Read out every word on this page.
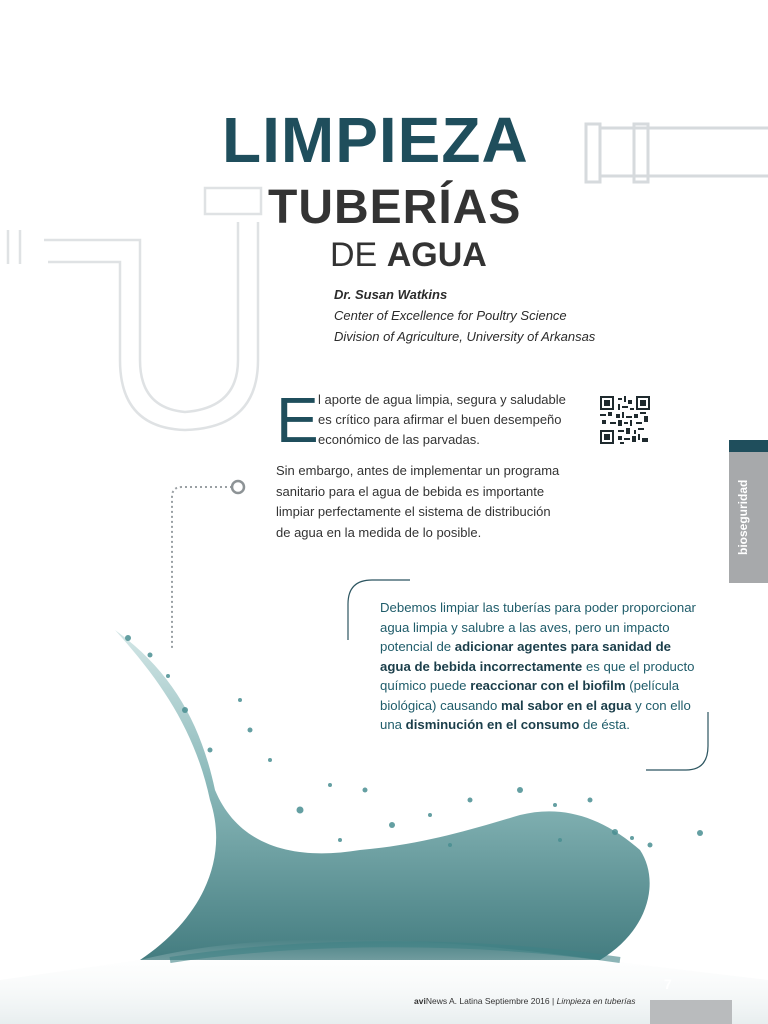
LIMPIEZA
TUBERÍAS
DE AGUA
Dr. Susan Watkins
Center of Excellence for Poultry Science
Division of Agriculture, University of Arkansas
E l aporte de agua limpia, segura y saludable es crítico para afirmar el buen desempeño económico de las parvadas.
Sin embargo, antes de implementar un programa sanitario para el agua de bebida es importante limpiar perfectamente el sistema de distribución de agua en la medida de lo posible.
Debemos limpiar las tuberías para poder proporcionar agua limpia y salubre a las aves, pero un impacto potencial de adicionar agentes para sanidad de agua de bebida incorrectamente es que el producto químico puede reaccionar con el biofilm (película biológica) causando mal sabor en el agua y con ello una disminución en el consumo de ésta.
bioseguridad
7
aviNews A. Latina Septiembre 2016 | Limpieza en tuberías
